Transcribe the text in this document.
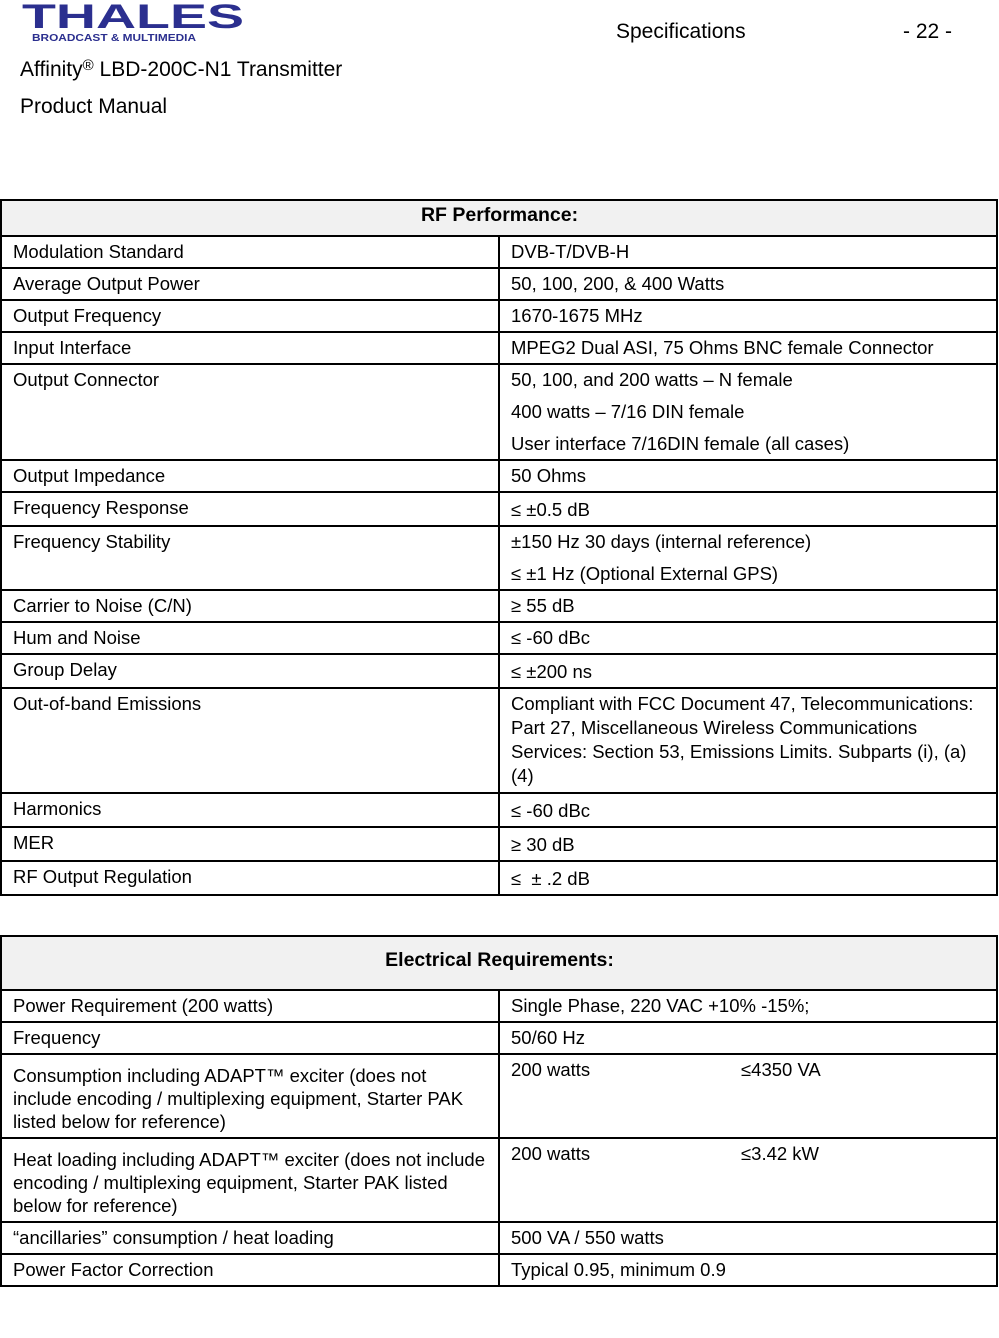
THALES
BROADCAST & MULTIMEDIA	Specifications	- 22 -
Affinity® LBD-200C-N1 Transmitter
Product Manual
RF Performance:	
Modulation Standard	DVB-T/DVB-H
Average Output Power	50, 100, 200, & 400 Watts
Output Frequency	1670-1675 MHz
Input Interface	MPEG2 Dual ASI, 75 Ohms BNC female Connector
Output Connector	50, 100, and 200 watts – N female
400 watts – 7/16 DIN female
User interface 7/16DIN female (all cases)

Output Impedance	50 Ohms
Frequency Response	≤ ±0.5 dB
Frequency Stability	±150 Hz 30 days (internal reference)
≤ ±1 Hz (Optional External GPS)

Carrier to Noise (C/N)	≥ 55 dB
Hum and Noise	≤ -60 dBc
Group Delay	≤ ±200 ns
Out-of-band Emissions	Compliant with FCC Document 47, Telecommunications: Part 27, Miscellaneous Wireless Communications Services: Section 53, Emissions Limits. Subparts (i), (a) (4)
Harmonics	≤ -60 dBc
MER	≥ 30 dB
RF Output Regulation	≤  ± .2 dB
Electrical Requirements:	
Power Requirement (200 watts)	Single Phase, 220 VAC +10% -15%;
Frequency	50/60 Hz
Consumption including ADAPT™ exciter (does not include encoding / multiplexing equipment, Starter PAK listed below for reference)	200 watts ≤4350 VA

Heat loading including ADAPT™ exciter (does not include encoding / multiplexing equipment, Starter PAK listed below for reference)	200 watts ≤3.42 kW

“ancillaries” consumption / heat loading	500 VA / 550 watts
Power Factor Correction	Typical 0.95, minimum 0.9
